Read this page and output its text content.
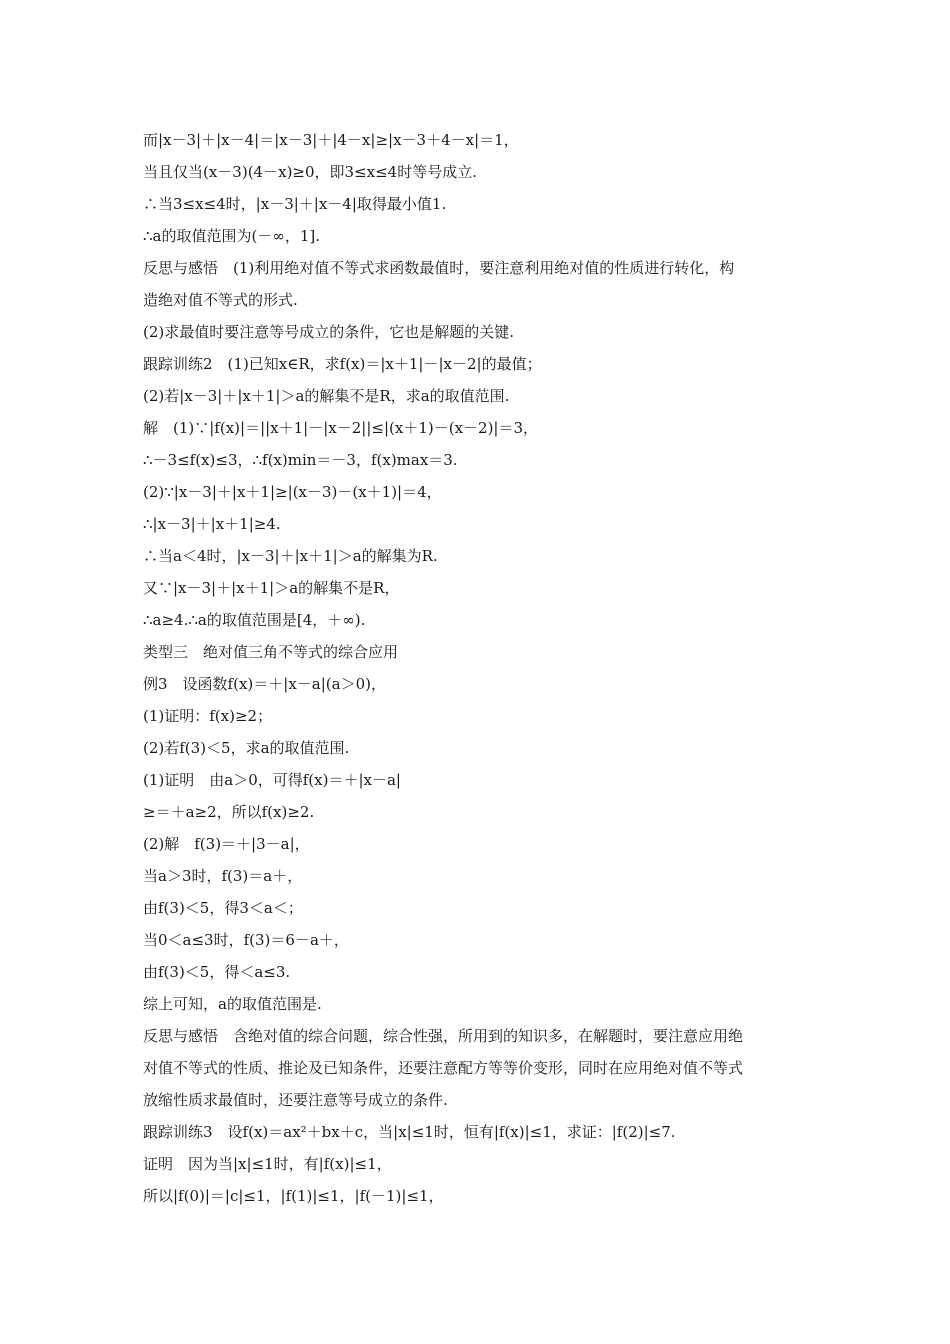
而|x－3|＋|x－4|＝|x－3|＋|4－x|≥|x－3＋4－x|＝1，
当且仅当(x－3)(4－x)≥0，即3≤x≤4时等号成立.
∴当3≤x≤4时，|x－3|＋|x－4|取得最小值1.
∴a的取值范围为(－∞，1].
反思与感悟　(1)利用绝对值不等式求函数最值时，要注意利用绝对值的性质进行转化，构
造绝对值不等式的形式.
(2)求最值时要注意等号成立的条件，它也是解题的关键.
跟踪训练2　(1)已知x∈R，求f(x)＝|x＋1|－|x－2|的最值；
(2)若|x－3|＋|x＋1|＞a的解集不是R，求a的取值范围.
解　(1)∵|f(x)|＝||x＋1|－|x－2||≤|(x＋1)－(x－2)|＝3，
∴－3≤f(x)≤3，∴f(x)min＝－3，f(x)max＝3.
(2)∵|x－3|＋|x＋1|≥|(x－3)－(x＋1)|＝4，
∴|x－3|＋|x＋1|≥4.
∴当a＜4时，|x－3|＋|x＋1|＞a的解集为R.
又∵|x－3|＋|x＋1|＞a的解集不是R，
∴a≥4.∴a的取值范围是[4，＋∞).
类型三　绝对值三角不等式的综合应用
例3　设函数f(x)＝＋|x－a|(a＞0)，
(1)证明：f(x)≥2；
(2)若f(3)＜5，求a的取值范围.
(1)证明　由a＞0，可得f(x)＝＋|x－a|
≥＝＋a≥2，所以f(x)≥2.
(2)解　f(3)＝＋|3－a|，
当a＞3时，f(3)＝a＋，
由f(3)＜5，得3＜a＜；
当0＜a≤3时，f(3)＝6－a＋，
由f(3)＜5，得＜a≤3.
综上可知，a的取值范围是.
反思与感悟　含绝对值的综合问题，综合性强，所用到的知识多，在解题时，要注意应用绝
对值不等式的性质、推论及已知条件，还要注意配方等等价变形，同时在应用绝对值不等式
放缩性质求最值时，还要注意等号成立的条件.
跟踪训练3　设f(x)＝ax²＋bx＋c，当|x|≤1时，恒有|f(x)|≤1，求证：|f(2)|≤7.
证明　因为当|x|≤1时，有|f(x)|≤1，
所以|f(0)|＝|c|≤1，|f(1)|≤1，|f(－1)|≤1，
